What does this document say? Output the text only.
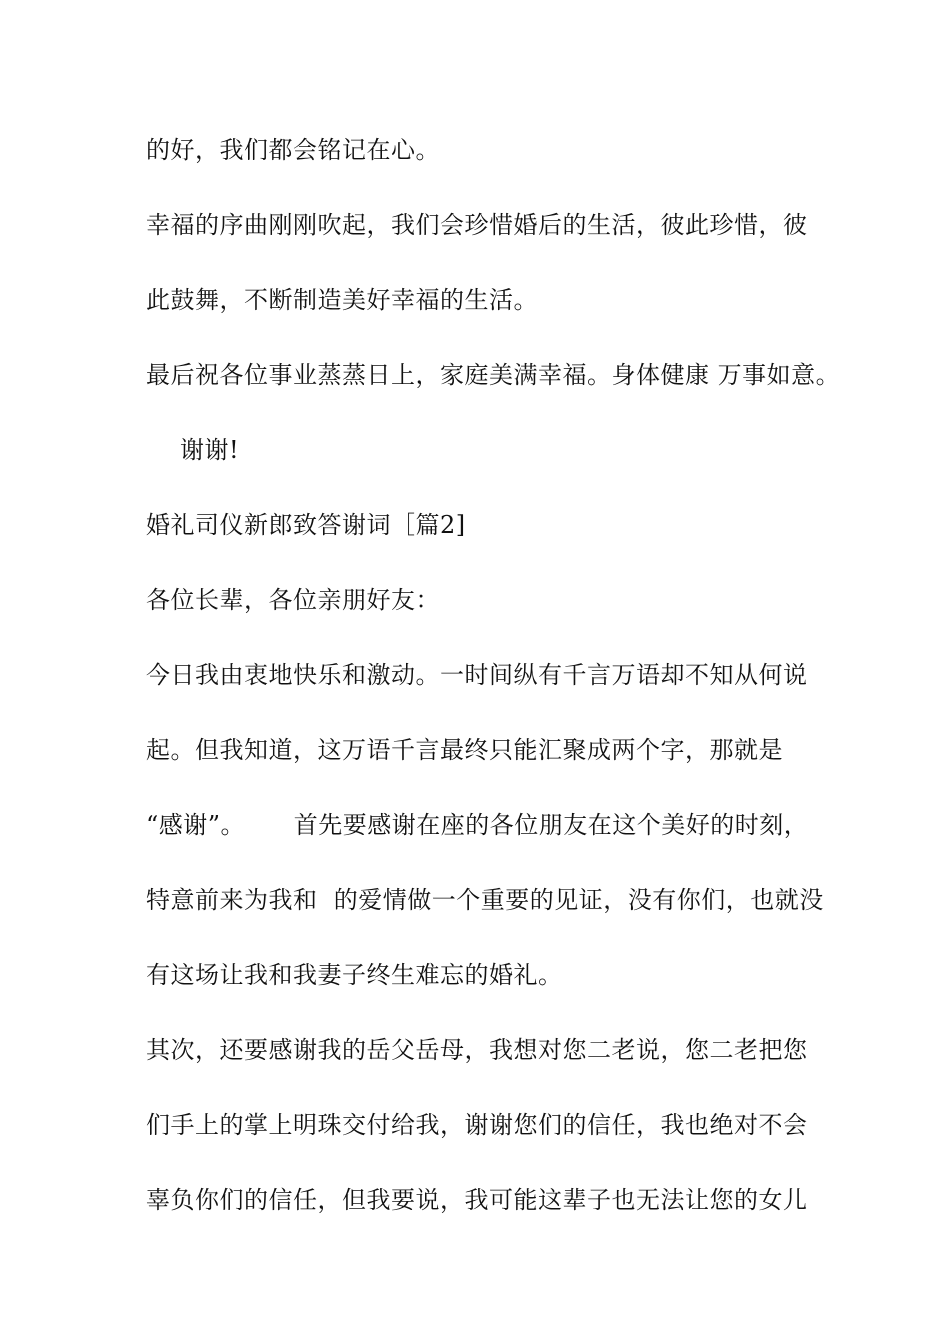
的好，我们都会铭记在心。
幸福的序曲刚刚吹起，我们会珍惜婚后的生活，彼此珍惜，彼
此鼓舞，不断制造美好幸福的生活。
最后祝各位事业蒸蒸日上，家庭美满幸福。身体健康 万事如意。
谢谢!
婚礼司仪新郎致答谢词［篇2]
各位长辈，各位亲朋好友：
今日我由衷地快乐和激动。一时间纵有千言万语却不知从何说
起。但我知道，这万语千言最终只能汇聚成两个字，那就是
“感谢”。      首先要感谢在座的各位朋友在这个美好的时刻，
特意前来为我和  的爱情做一个重要的见证，没有你们，也就没
有这场让我和我妻子终生难忘的婚礼。
其次，还要感谢我的岳父岳母，我想对您二老说，您二老把您
们手上的掌上明珠交付给我，谢谢您们的信任，我也绝对不会
辜负你们的信任，但我要说，我可能这辈子也无法让您的女儿
